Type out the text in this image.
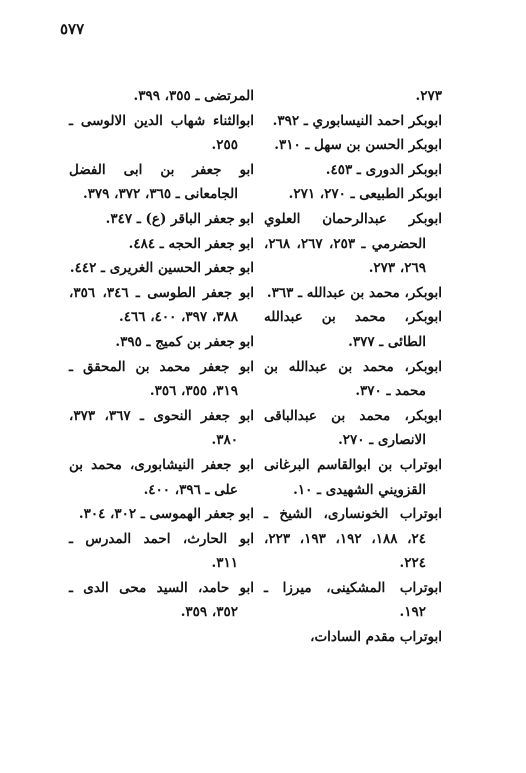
٥٧٧

٢٧٣.

ابوبكر احمد النيسابوري ـ ٣٩٢.

ابوبكر الحسن بن سهل ـ ٣١٠.

ابوبكر الدوری ـ ٤٥٣.

ابوبكر الطبيعی ـ ٢٧٠، ٢٧١.

ابوبكر عبدالرحمان العلوي الحضرمي ـ ٢٥٣، ٢٦٧، ٢٦٨، ٢٦٩، ٢٧٣.

ابوبكر، محمد بن عبدالله ـ ٣٦٣.

ابوبكر، محمد بن عبدالله الطائی ـ ٣٧٧.

ابوبكر، محمد بن عبدالله بن محمد ـ ٣٧٠.

ابوبكر، محمد بن عبدالباقی الانصاری ـ ٢٧٠.

ابوتراب بن ابوالقاسم البرغانی القزويني الشهيدی ـ ١٠.

ابوتراب الخونساری، الشيخ ـ ٢٤، ١٨٨، ١٩٢، ١٩٣، ٢٢٣، ٢٢٤.

ابوتراب المشكينی، ميرزا ـ ١٩٢.

ابوتراب مقدم السادات،

المرتضی ـ ٣٥٥، ٣٩٩.

ابوالثناء شهاب الدين الالوسی ـ ٢٥٥.

ابو جعفر بن ابی الفضل الجامعانی ـ ٣٦٥، ٣٧٢، ٣٧٩.

ابو جعفر الباقر (ع) ـ ٣٤٧.

ابو جعفر الحجه ـ ٤٨٤.

ابو جعفر الحسين الغريری ـ ٤٤٢.

ابو جعفر الطوسی ـ ٣٤٦، ٣٥٦، ٣٨٨، ٣٩٧، ٤٠٠، ٤٦٦.

ابو جعفر بن كميج ـ ٣٩٥.

ابو جعفر محمد بن المحقق ـ ٣١٩، ٣٥٥، ٣٥٦.

ابو جعفر النحوی ـ ٣٦٧، ٣٧٣، ٣٨٠.

ابو جعفر النيشابوری، محمد بن علی ـ ٣٩٦، ٤٠٠.

ابو جعفر الهموسی ـ ٣٠٢، ٣٠٤.

ابو الحارث، احمد المدرس ـ ٣١١.

ابو حامد، السيد محی الدی ـ ٣٥٢، ٣٥٩.
